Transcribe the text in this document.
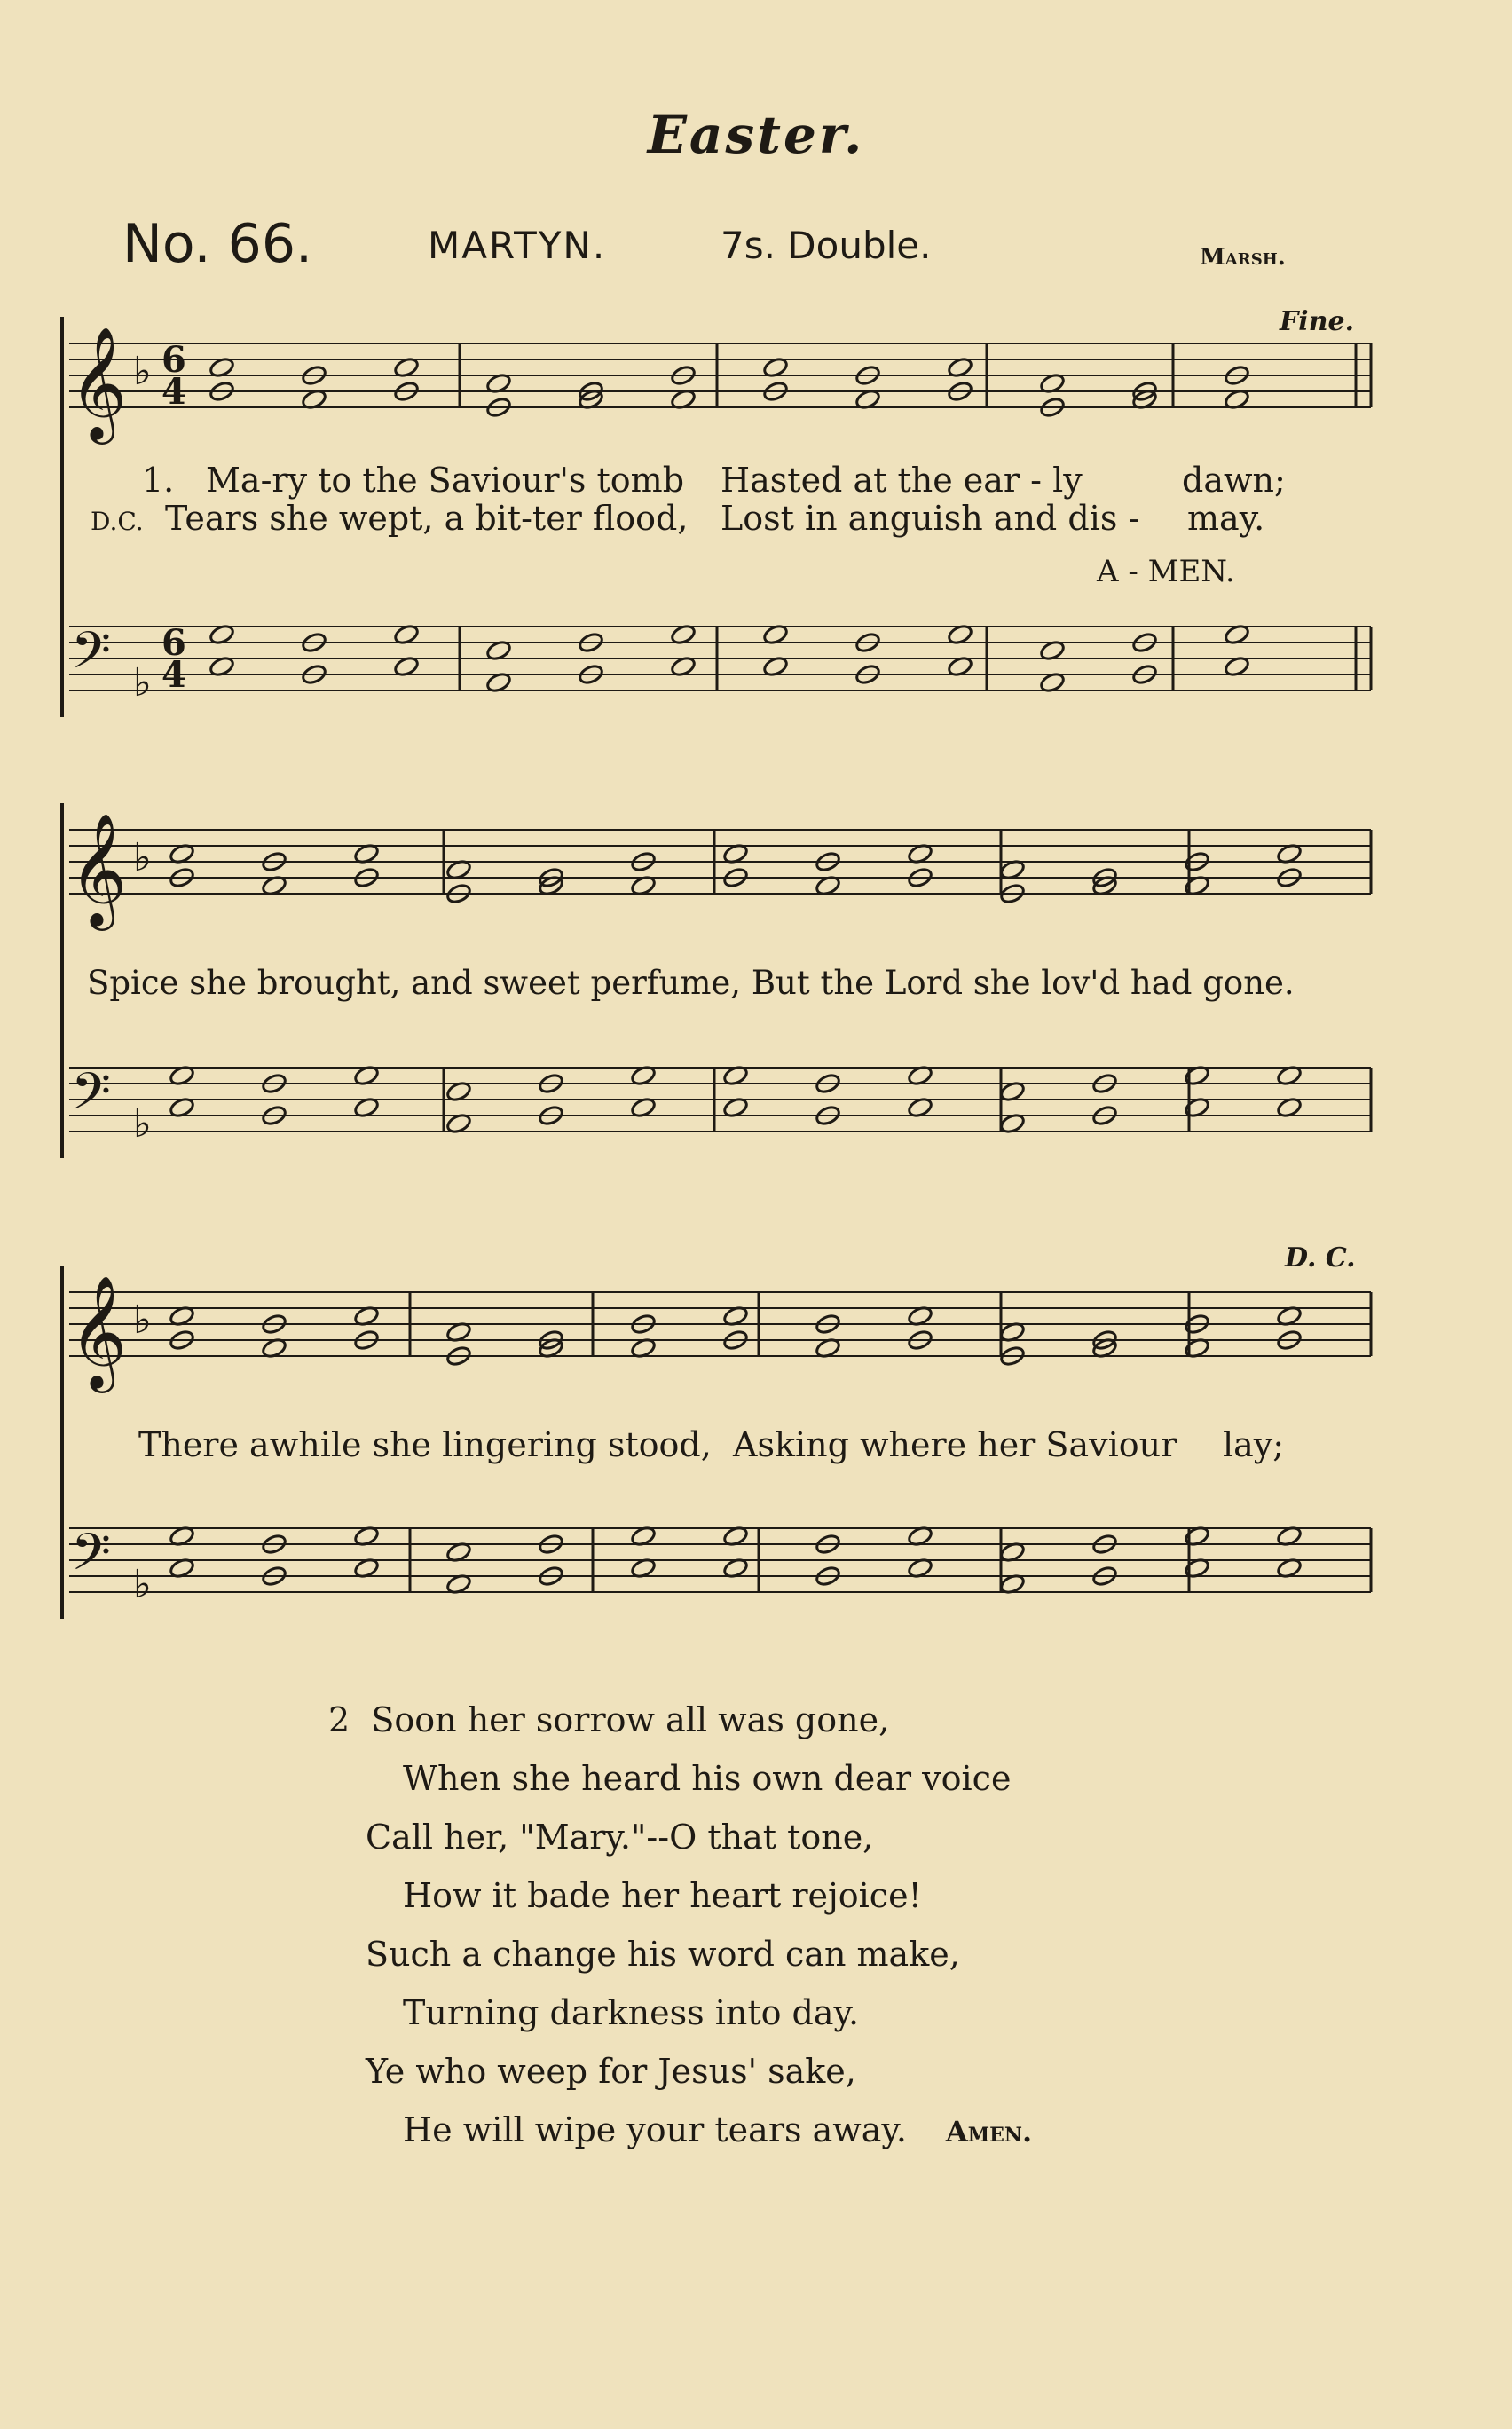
Easter.
No. 66.	MARTYN.	7s. Double.	Marsh.
𝄞
𝄢
♭
♭
6
4
6
4
𝄞
𝄢
♭
♭
𝄞
𝄢
♭
♭
Fine.
D. C.
A - MEN.
1. Ma-ry to the Saviour's tomb Hasted at the ear - ly	dawn;
D.C. Tears she wept, a bit-ter flood, Lost in anguish and dis - may.
Spice she brought, and sweet perfume, But the Lord she lov'd had gone.
There awhile she lingering stood, Asking where her Saviour lay;
2 Soon her sorrow all was gone,
When she heard his own dear voice
Call her, "Mary."--O that tone,
How it bade her heart rejoice!
Such a change his word can make,
Turning darkness into day.
Ye who weep for Jesus' sake,
He will wipe your tears away. Amen.
